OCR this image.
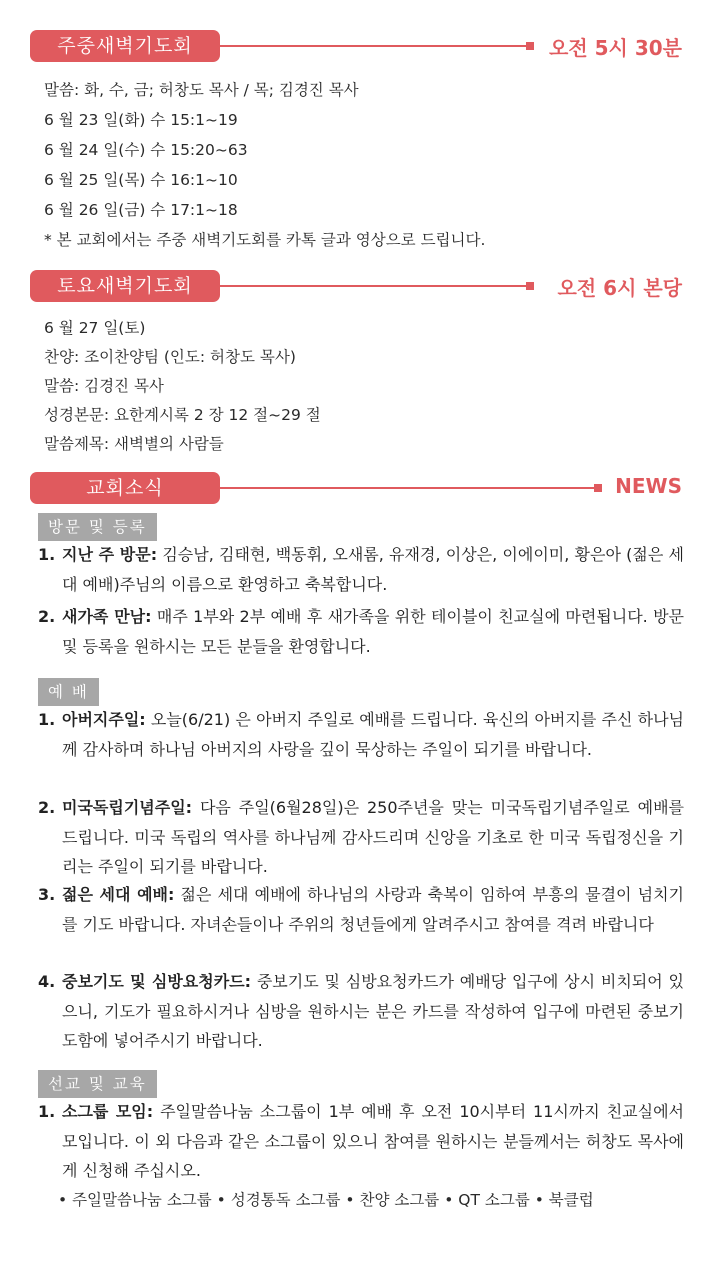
주중새벽기도회	오전 5시 30분
말씀: 화, 수, 금; 허창도 목사 / 목; 김경진 목사
6 월 23 일(화) 수 15:1~19
6 월 24 일(수) 수 15:20~63
6 월 25 일(목) 수 16:1~10
6 월 26 일(금) 수 17:1~18
* 본 교회에서는 주중 새벽기도회를 카톡 글과 영상으로 드립니다.
토요새벽기도회	오전 6시 본당
6 월 27 일(토)
찬양: 조이찬양팀 (인도: 허창도 목사)
말씀: 김경진 목사
성경본문: 요한계시록 2 장 12 절~29 절
말씀제목: 새벽별의 사람들
교회소식	NEWS
방문 및 등록
1. 지난 주 방문: 김승남, 김태현, 백동휘, 오새롬, 유재경, 이상은, 이에이미, 황은아 (젊은 세대 예배)주님의 이름으로 환영하고 축복합니다.
2. 새가족 만남: 매주 1부와 2부 예배 후 새가족을 위한 테이블이 친교실에 마련됩니다. 방문 및 등록을 원하시는 모든 분들을 환영합니다.
예 배
1. 아버지주일: 오늘(6/21) 은 아버지 주일로 예배를 드립니다. 육신의 아버지를 주신 하나님께 감사하며 하나님 아버지의 사랑을 깊이 묵상하는 주일이 되기를 바랍니다.
2. 미국독립기념주일: 다음 주일(6월28일)은 250주년을 맞는 미국독립기념주일로 예배를 드립니다. 미국 독립의 역사를 하나님께 감사드리며 신앙을 기초로 한 미국 독립정신을 기리는 주일이 되기를 바랍니다.
3. 젊은 세대 예배: 젊은 세대 예배에 하나님의 사랑과 축복이 임하여 부흥의 물결이 넘치기를 기도 바랍니다. 자녀손들이나 주위의 청년들에게 알려주시고 참여를 격려 바랍니다
4. 중보기도 및 심방요청카드: 중보기도 및 심방요청카드가 예배당 입구에 상시 비치되어 있으니, 기도가 필요하시거나 심방을 원하시는 분은 카드를 작성하여 입구에 마련된 중보기도함에 넣어주시기 바랍니다.
선교 및 교육
1. 소그룹 모임: 주일말씀나눔 소그룹이 1부 예배 후 오전 10시부터 11시까지 친교실에서 모입니다. 이 외 다음과 같은 소그룹이 있으니 참여를 원하시는 분들께서는 허창도 목사에게 신청해 주십시오.
• 주일말씀나눔 소그룹 • 성경통독 소그룹 • 찬양 소그룹 • QT 소그룹 • 북클럽
